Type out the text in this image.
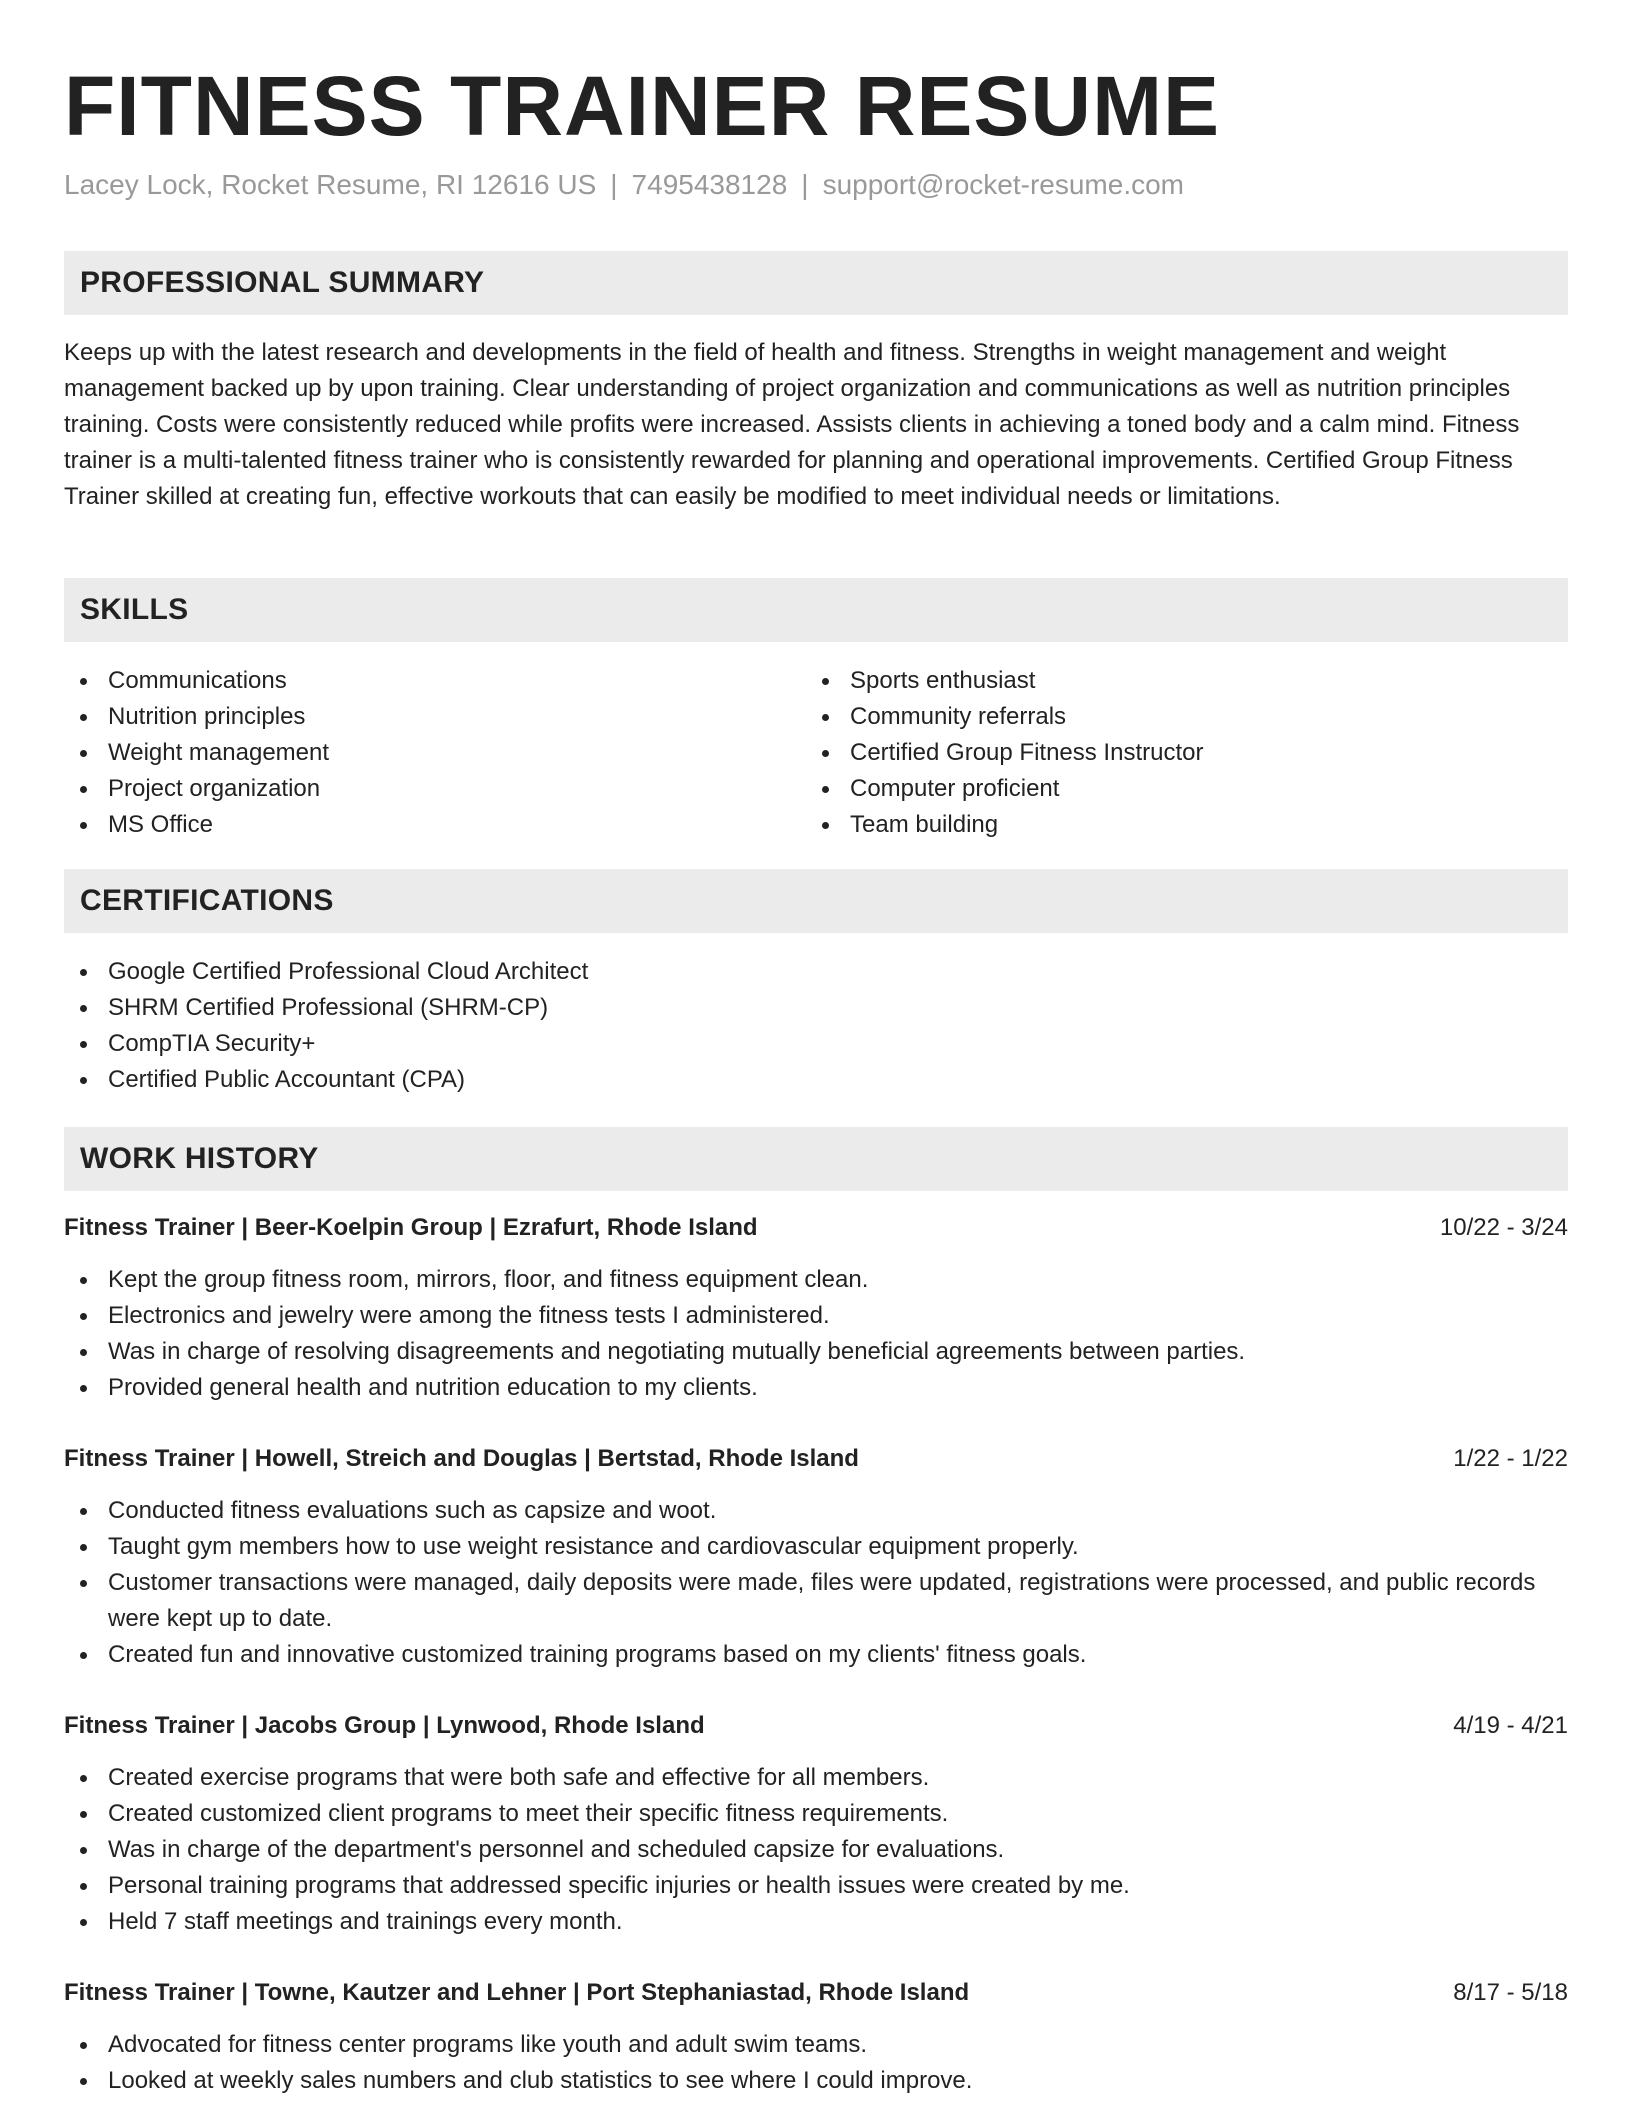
FITNESS TRAINER RESUME
Lacey Lock, Rocket Resume, RI 12616 US | 7495438128 | support@rocket-resume.com
PROFESSIONAL SUMMARY

Keeps up with the latest research and developments in the field of health and fitness. Strengths in weight management and weight management backed up by upon training. Clear understanding of project organization and communications as well as nutrition principles training. Costs were consistently reduced while profits were increased. Assists clients in achieving a toned body and a calm mind. Fitness trainer is a multi-talented fitness trainer who is consistently rewarded for planning and operational improvements. Certified Group Fitness Trainer skilled at creating fun, effective workouts that can easily be modified to meet individual needs or limitations.

SKILLS
Communications
Nutrition principles
Weight management
Project organization
MS Office
Sports enthusiast
Community referrals
Certified Group Fitness Instructor
Computer proficient
Team building
CERTIFICATIONS
Google Certified Professional Cloud Architect
SHRM Certified Professional (SHRM-CP)
CompTIA Security+
Certified Public Accountant (CPA)
WORK HISTORY
Fitness Trainer | Beer-Koelpin Group | Ezrafurt, Rhode Island	10/22 - 3/24
Kept the group fitness room, mirrors, floor, and fitness equipment clean.
Electronics and jewelry were among the fitness tests I administered.
Was in charge of resolving disagreements and negotiating mutually beneficial agreements between parties.
Provided general health and nutrition education to my clients.
Fitness Trainer | Howell, Streich and Douglas | Bertstad, Rhode Island	1/22 - 1/22
Conducted fitness evaluations such as capsize and woot.
Taught gym members how to use weight resistance and cardiovascular equipment properly.
Customer transactions were managed, daily deposits were made, files were updated, registrations were processed, and public records were kept up to date.
Created fun and innovative customized training programs based on my clients' fitness goals.
Fitness Trainer | Jacobs Group | Lynwood, Rhode Island	4/19 - 4/21
Created exercise programs that were both safe and effective for all members.
Created customized client programs to meet their specific fitness requirements.
Was in charge of the department's personnel and scheduled capsize for evaluations.
Personal training programs that addressed specific injuries or health issues were created by me.
Held 7 staff meetings and trainings every month.
Fitness Trainer | Towne, Kautzer and Lehner | Port Stephaniastad, Rhode Island	8/17 - 5/18
Advocated for fitness center programs like youth and adult swim teams.
Looked at weekly sales numbers and club statistics to see where I could improve.
